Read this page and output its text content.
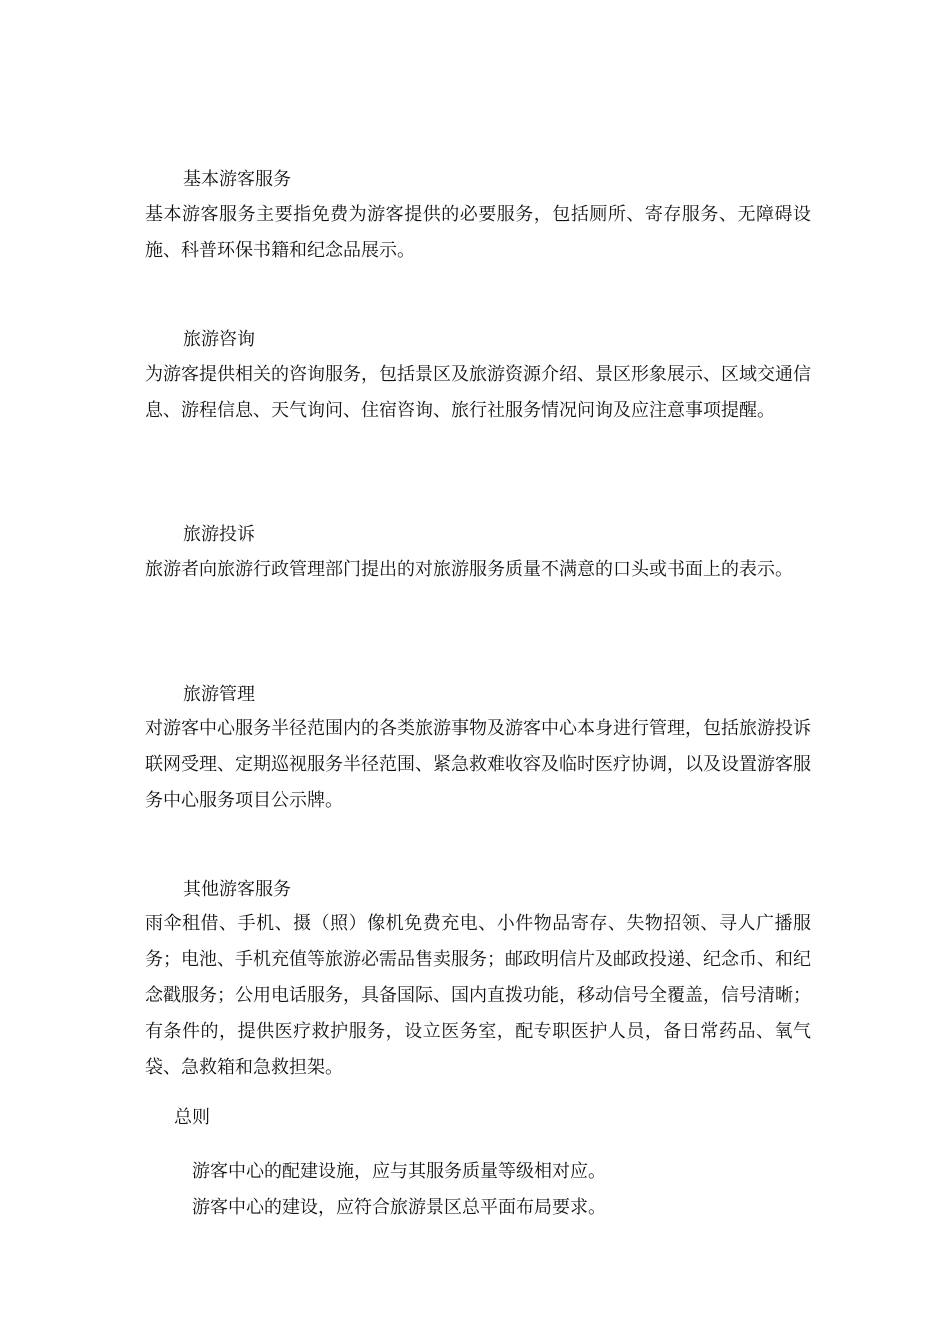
基本游客服务
基本游客服务主要指免费为游客提供的必要服务，包括厕所、寄存服务、无障碍设施、科普环保书籍和纪念品展示。
旅游咨询
为游客提供相关的咨询服务，包括景区及旅游资源介绍、景区形象展示、区域交通信息、游程信息、天气询问、住宿咨询、旅行社服务情况问询及应注意事项提醒。
旅游投诉
旅游者向旅游行政管理部门提出的对旅游服务质量不满意的口头或书面上的表示。
旅游管理
对游客中心服务半径范围内的各类旅游事物及游客中心本身进行管理，包括旅游投诉联网受理、定期巡视服务半径范围、紧急救难收容及临时医疗协调，以及设置游客服务中心服务项目公示牌。
其他游客服务
雨伞租借、手机、摄（照）像机免费充电、小件物品寄存、失物招领、寻人广播服务；电池、手机充值等旅游必需品售卖服务；邮政明信片及邮政投递、纪念币、和纪念戳服务；公用电话服务，具备国际、国内直拨功能，移动信号全覆盖，信号清晰；有条件的，提供医疗救护服务，设立医务室，配专职医护人员，备日常药品、氧气袋、急救箱和急救担架。
总则
游客中心的配建设施，应与其服务质量等级相对应。
游客中心的建设，应符合旅游景区总平面布局要求。
